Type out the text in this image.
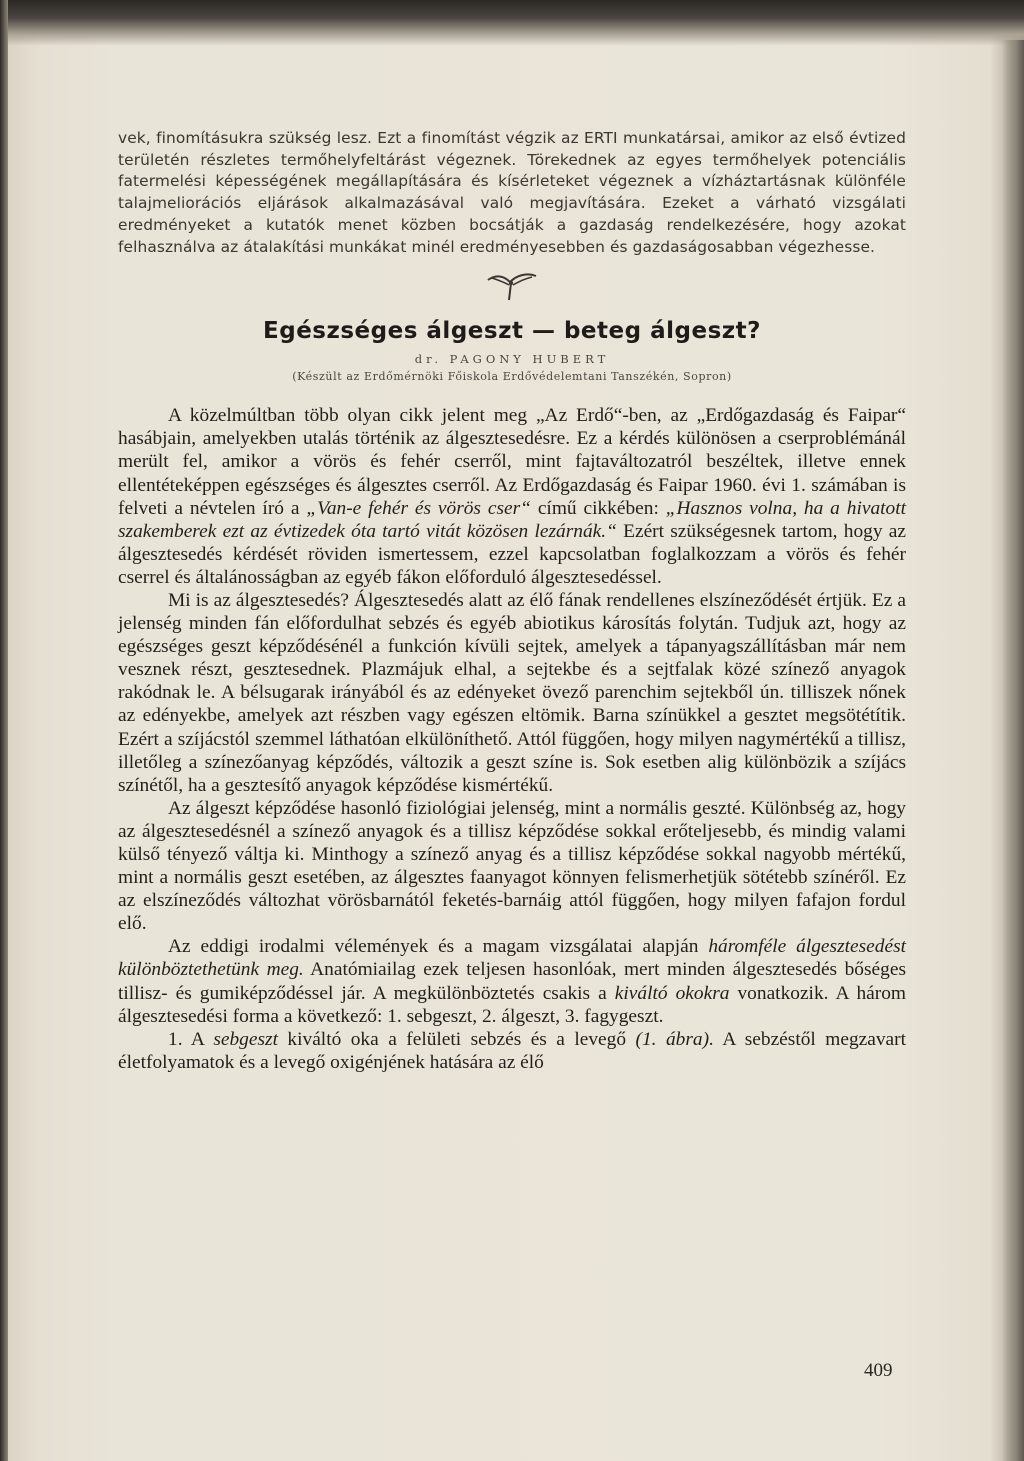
vek, finomításukra szükség lesz. Ezt a finomítást végzik az ERTI munkatársai, amikor az első évtized területén részletes termőhelyfeltárást végeznek. Törekednek az egyes termőhelyek potenciális fatermelési képességének megállapítására és kísérleteket végeznek a vízháztartásnak különféle talajmeliorációs eljárások alkalmazásával való megjavítására. Ezeket a várható vizsgálati eredményeket a kutatók menet közben bocsátják a gazdaság rendelkezésére, hogy azokat felhasználva az átalakítási munkákat minél eredményesebben és gazdaságosabban végezhesse.

Egészséges álgeszt — beteg álgeszt?
dr. PAGONY HUBERT
(Készült az Erdőmérnöki Főiskola Erdővédelemtani Tanszékén, Sopron)

A közelmúltban több olyan cikk jelent meg „Az Erdő“-ben, az „Erdőgazdaság és Faipar“ hasábjain, amelyekben utalás történik az álgesztesedésre. Ez a kérdés különösen a cserproblémánál merült fel, amikor a vörös és fehér cserről, mint fajtaváltozatról beszéltek, illetve ennek ellentéteképpen egészséges és álgesztes cserről. Az Erdőgazdaság és Faipar 1960. évi 1. számában is felveti a névtelen író a „Van-e fehér és vörös cser“ című cikkében: „Hasznos volna, ha a hivatott szakemberek ezt az évtizedek óta tartó vitát közösen lezárnák.“ Ezért szükségesnek tartom, hogy az álgesztesedés kérdését röviden ismertessem, ezzel kapcsolatban foglalkozzam a vörös és fehér cserrel és általánosságban az egyéb fákon előforduló álgesztesedéssel.

Mi is az álgesztesedés? Álgesztesedés alatt az élő fának rendellenes elszíneződését értjük. Ez a jelenség minden fán előfordulhat sebzés és egyéb abiotikus károsítás folytán. Tudjuk azt, hogy az egészséges geszt képződésénél a funkción kívüli sejtek, amelyek a tápanyagszállításban már nem vesznek részt, gesztesednek. Plazmájuk elhal, a sejtekbe és a sejtfalak közé színező anyagok rakódnak le. A bélsugarak irányából és az edényeket övező parenchim sejtekből ún. tilliszek nőnek az edényekbe, amelyek azt részben vagy egészen eltömik. Barna színükkel a gesztet megsötétítik. Ezért a szíjácstól szemmel láthatóan elkülöníthető. Attól függően, hogy milyen nagymértékű a tillisz, illetőleg a színezőanyag képződés, változik a geszt színe is. Sok esetben alig különbözik a szíjács színétől, ha a gesztesítő anyagok képződése kismértékű.

Az álgeszt képződése hasonló fiziológiai jelenség, mint a normális geszté. Különbség az, hogy az álgesztesedésnél a színező anyagok és a tillisz képződése sokkal erőteljesebb, és mindig valami külső tényező váltja ki. Minthogy a színező anyag és a tillisz képződése sokkal nagyobb mértékű, mint a normális geszt esetében, az álgesztes faanyagot könnyen felismerhetjük sötétebb színéről. Ez az elszíneződés változhat vörösbarnától feketés-barnáig attól függően, hogy milyen fafajon fordul elő.

Az eddigi irodalmi vélemények és a magam vizsgálatai alapján háromféle álgesztesedést különböztethetünk meg. Anatómiailag ezek teljesen hasonlóak, mert minden álgesztesedés bőséges tillisz- és gumiképződéssel jár. A megkülönböztetés csakis a kiváltó okokra vonatkozik. A három álgesztesedési forma a következő: 1. sebgeszt, 2. álgeszt, 3. fagygeszt.

1. A sebgeszt kiváltó oka a felületi sebzés és a levegő (1. ábra). A sebzéstől megzavart életfolyamatok és a levegő oxigénjének hatására az élő

409
